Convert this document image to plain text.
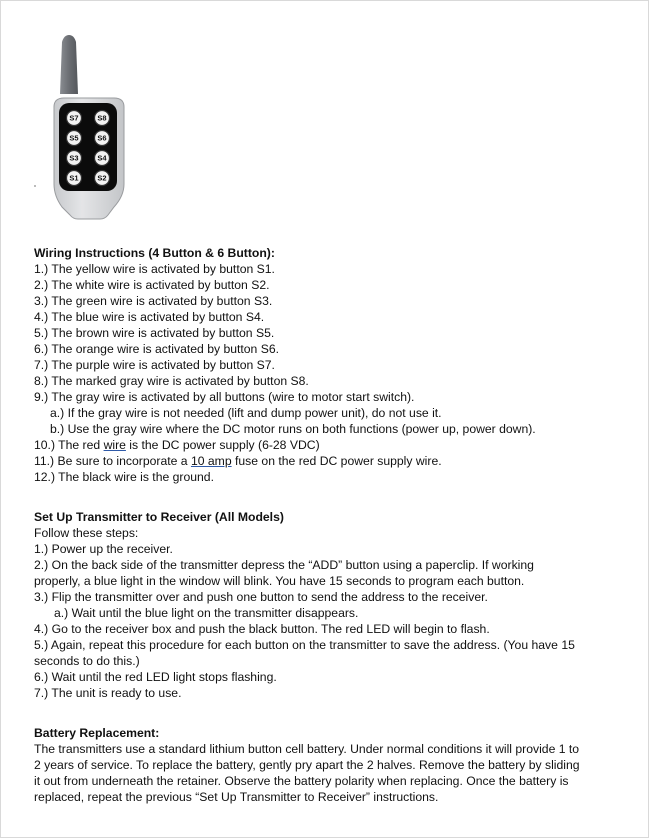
S7	S8
S5	S6
S3	S4
S1	S2
Wiring Instructions (4 Button & 6 Button):

1.) The yellow wire is activated by button S1.

2.) The white wire is activated by button S2.

3.) The green wire is activated by button S3.

4.) The blue wire is activated by button S4.

5.) The brown wire is activated by button S5.

6.) The orange wire is activated by button S6.

7.) The purple wire is activated by button S7.

8.) The marked gray wire is activated by button S8.

9.) The gray wire is activated by all buttons (wire to motor start switch).

a.) If the gray wire is not needed (lift and dump power unit), do not use it.

b.) Use the gray wire where the DC motor runs on both functions (power up, power down).

10.) The red wire is the DC power supply (6-28 VDC)

11.) Be sure to incorporate a 10 amp fuse on the red DC power supply wire.

12.) The black wire is the ground.

Set Up Transmitter to Receiver (All Models)

Follow these steps:

1.) Power up the receiver.

2.) On the back side of the transmitter depress the “ADD” button using a paperclip. If working

properly, a blue light in the window will blink. You have 15 seconds to program each button.

3.) Flip the transmitter over and push one button to send the address to the receiver.

a.) Wait until the blue light on the transmitter disappears.

4.) Go to the receiver box and push the black button. The red LED will begin to flash.

5.) Again, repeat this procedure for each button on the transmitter to save the address. (You have 15

seconds to do this.)

6.) Wait until the red LED light stops flashing.

7.) The unit is ready to use.

Battery Replacement:

The transmitters use a standard lithium button cell battery. Under normal conditions it will provide 1 to

2 years of service. To replace the battery, gently pry apart the 2 halves. Remove the battery by sliding

it out from underneath the retainer. Observe the battery polarity when replacing. Once the battery is

replaced, repeat the previous “Set Up Transmitter to Receiver” instructions.
